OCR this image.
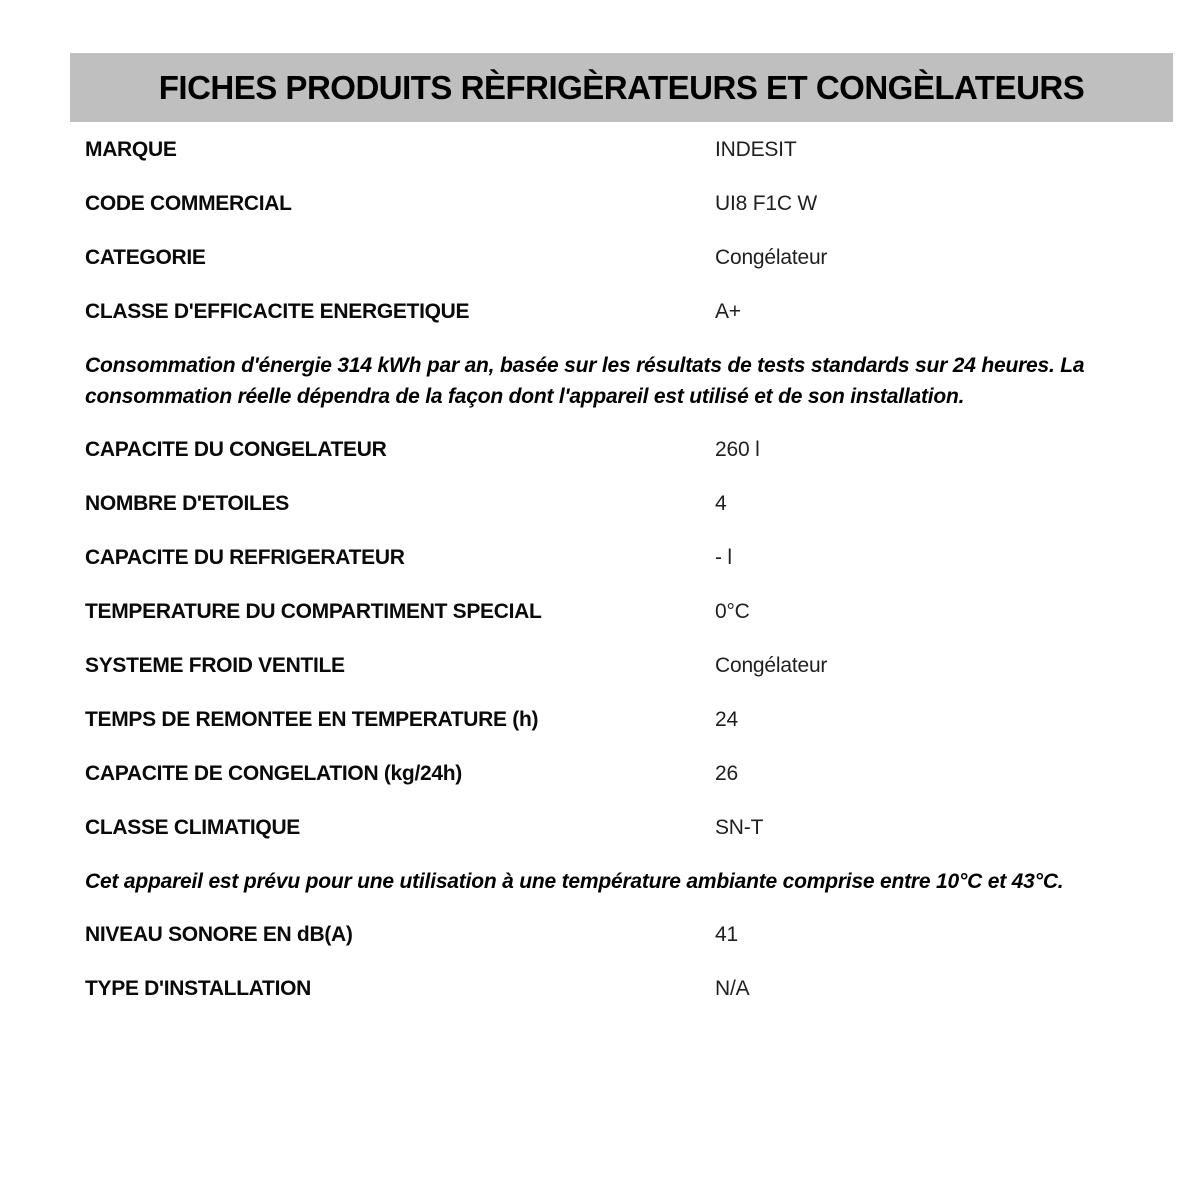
FICHES PRODUITS RÈFRIGÈRATEURS ET CONGÈLATEURS
MARQUE	INDESIT
CODE COMMERCIAL	UI8 F1C W
CATEGORIE	Congélateur
CLASSE D'EFFICACITE ENERGETIQUE	A+

Consommation d'énergie 314 kWh par an, basée sur les résultats de tests standards sur 24 heures. La consommation réelle dépendra de la façon dont l'appareil est utilisé et de son installation.

CAPACITE DU CONGELATEUR	260 l
NOMBRE D'ETOILES	4
CAPACITE DU REFRIGERATEUR	- l
TEMPERATURE DU COMPARTIMENT SPECIAL	0°C
SYSTEME FROID VENTILE	Congélateur
TEMPS DE REMONTEE EN TEMPERATURE (h)	24
CAPACITE DE CONGELATION (kg/24h)	26
CLASSE CLIMATIQUE	SN-T

Cet appareil est prévu pour une utilisation à une température ambiante comprise entre 10°C et 43°C.

NIVEAU SONORE EN dB(A)	41
TYPE D'INSTALLATION	N/A
